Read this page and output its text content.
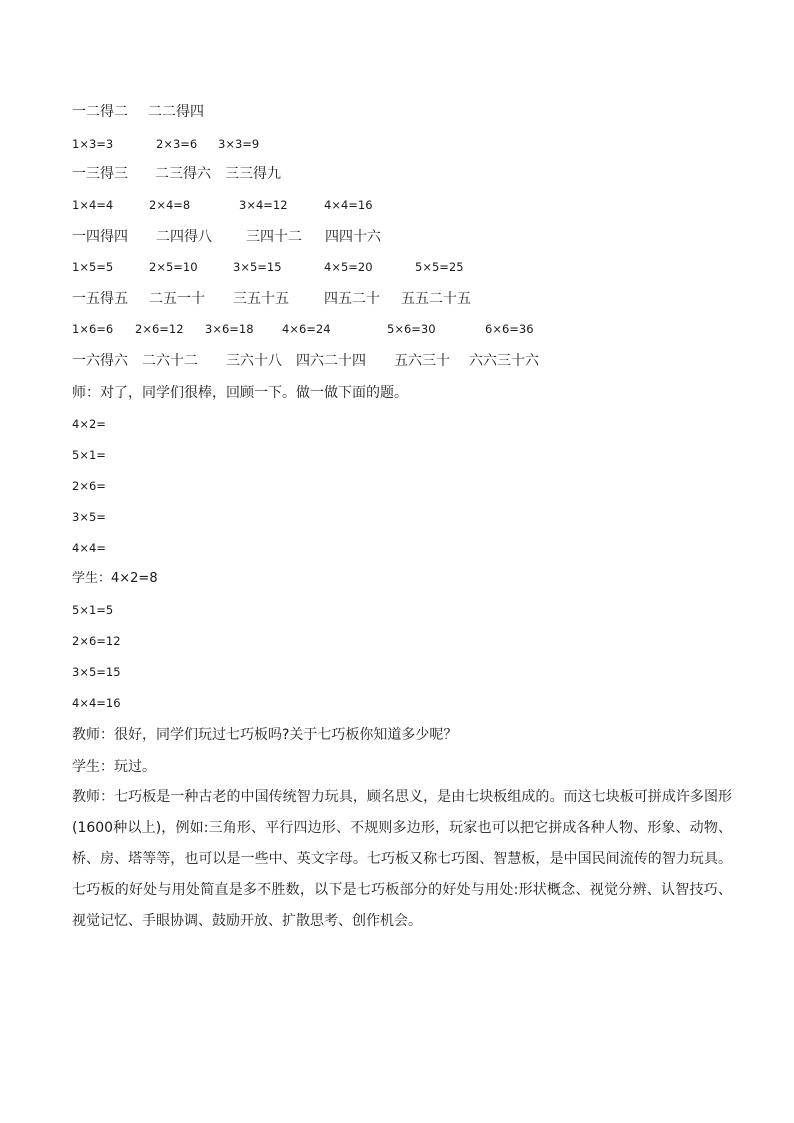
一二得二 二二得四
1×3=3	2×3=6 3×3=9
一三得三 二三得六 三三得九
1×4=4	2×4=8	3×4=12	4×4=16
一四得四 二四得八 三四十二 四四十六
1×5=5	2×5=10	3×5=15	4×5=20	5×5=25
一五得五 二五一十 三五十五	四五二十 五五二十五
1×6=6 2×6=12 3×6=18 4×6=24	5×6=30	6×6=36
一六得六 二六十二 三六十八 四六二十四 五六三十 六六三十六
师：对了，同学们很棒，回顾一下。做一做下面的题。
4×2=
5×1=
2×6=
3×5=
4×4=
学生：4×2=8
5×1=5
2×6=12
3×5=15
4×4=16
教师：很好，同学们玩过七巧板吗?关于七巧板你知道多少呢？
学生：玩过。
教师：七巧板是一种古老的中国传统智力玩具，顾名思义，是由七块板组成的。而这七块板可拼成许多图形(1600种以上)，例如:三角形、平行四边形、不规则多边形，玩家也可以把它拼成各种人物、形象、动物、桥、房、塔等等，也可以是一些中、英文字母。七巧板又称七巧图、智慧板，是中国民间流传的智力玩具。七巧板的好处与用处简直是多不胜数，以下是七巧板部分的好处与用处:形状概念、视觉分辨、认智技巧、视觉记忆、手眼协调、鼓励开放、扩散思考、创作机会。
